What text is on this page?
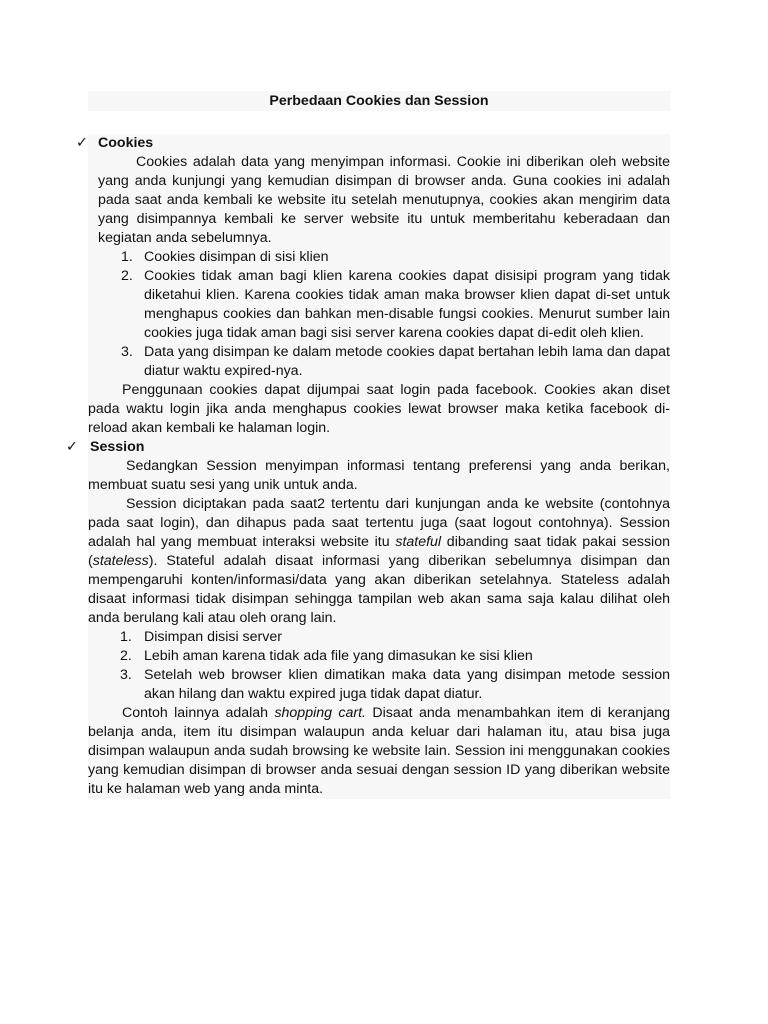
Perbedaan Cookies dan Session
✓ Cookies

Cookies adalah data yang menyimpan informasi. Cookie ini diberikan oleh website yang anda kunjungi yang kemudian disimpan di browser anda. Guna cookies ini adalah pada saat anda kembali ke website itu setelah menutupnya, cookies akan mengirim data yang disimpannya kembali ke server website itu untuk memberitahu keberadaan dan kegiatan anda sebelumnya.

1. Cookies disimpan di sisi klien
2. Cookies tidak aman bagi klien karena cookies dapat disisipi program yang tidak diketahui klien. Karena cookies tidak aman maka browser klien dapat di-set untuk menghapus cookies dan bahkan men-disable fungsi cookies. Menurut sumber lain cookies juga tidak aman bagi sisi server karena cookies dapat di-edit oleh klien.
3. Data yang disimpan ke dalam metode cookies dapat bertahan lebih lama dan dapat diatur waktu expired-nya.

Penggunaan cookies dapat dijumpai saat login pada facebook. Cookies akan diset pada waktu login jika anda menghapus cookies lewat browser maka ketika facebook di-reload akan kembali ke halaman login.

✓ Session

Sedangkan Session menyimpan informasi tentang preferensi yang anda berikan, membuat suatu sesi yang unik untuk anda.

Session diciptakan pada saat2 tertentu dari kunjungan anda ke website (contohnya pada saat login), dan dihapus pada saat tertentu juga (saat logout contohnya). Session adalah hal yang membuat interaksi website itu stateful dibanding saat tidak pakai session (stateless). Stateful adalah disaat informasi yang diberikan sebelumnya disimpan dan mempengaruhi konten/informasi/data yang akan diberikan setelahnya. Stateless adalah disaat informasi tidak disimpan sehingga tampilan web akan sama saja kalau dilihat oleh anda berulang kali atau oleh orang lain.

1. Disimpan disisi server
2. Lebih aman karena tidak ada file yang dimasukan ke sisi klien
3. Setelah web browser klien dimatikan maka data yang disimpan metode session akan hilang dan waktu expired juga tidak dapat diatur.

Contoh lainnya adalah shopping cart. Disaat anda menambahkan item di keranjang belanja anda, item itu disimpan walaupun anda keluar dari halaman itu, atau bisa juga disimpan walaupun anda sudah browsing ke website lain. Session ini menggunakan cookies yang kemudian disimpan di browser anda sesuai dengan session ID yang diberikan website itu ke halaman web yang anda minta.
